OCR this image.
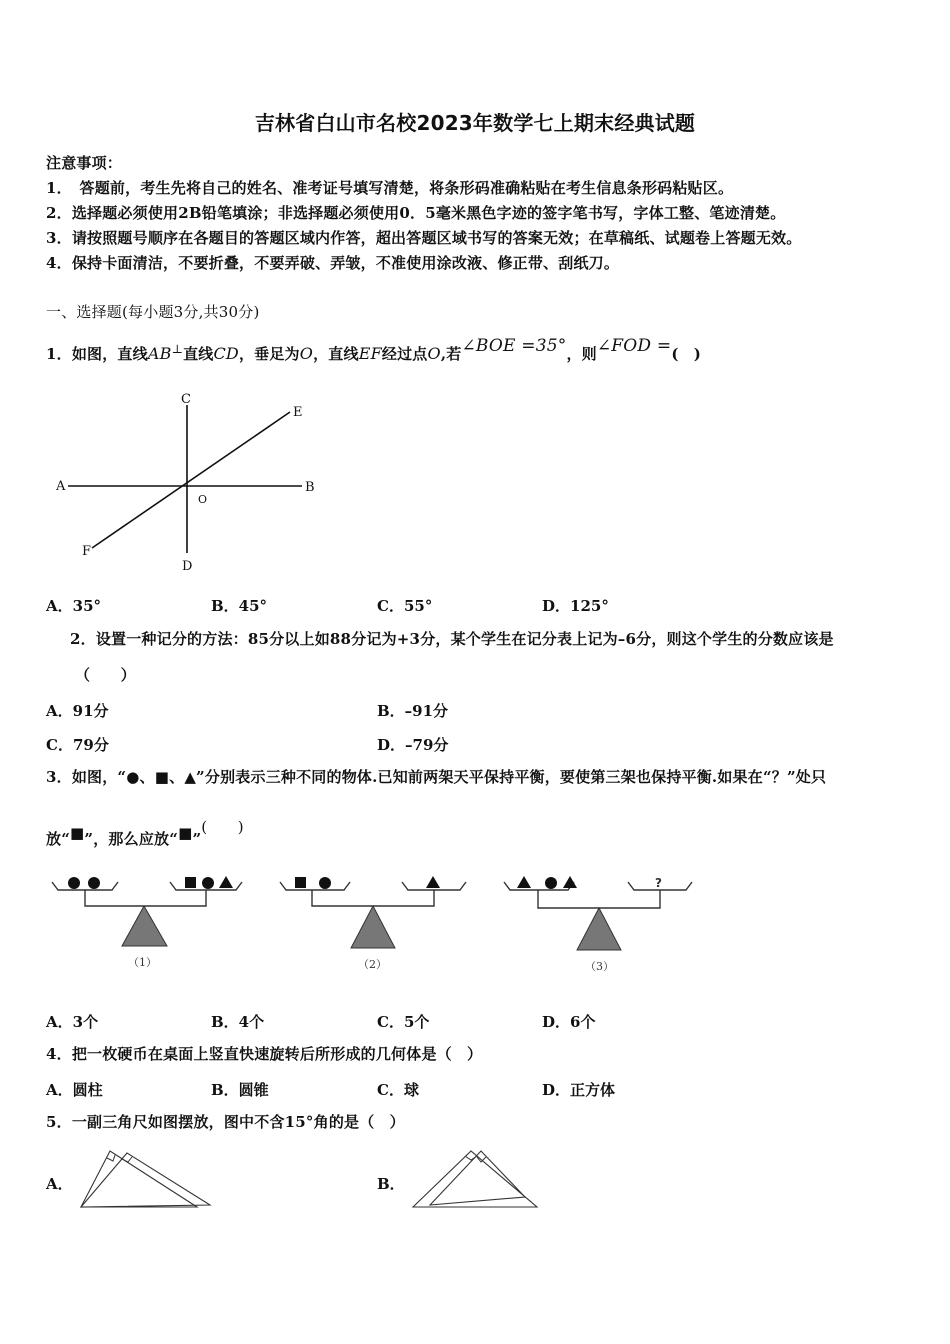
吉林省白山市名校2023年数学七上期末经典试题
注意事项：
1．　答题前，考生先将自己的姓名、准考证号填写清楚，将条形码准确粘贴在考生信息条形码粘贴区。
2．选择题必须使用2B铅笔填涂；非选择题必须使用0．5毫米黑色字迹的签字笔书写，字体工整、笔迹清楚。
3．请按照题号顺序在各题目的答题区域内作答，超出答题区域书写的答案无效；在草稿纸、试题卷上答题无效。
4．保持卡面清洁，不要折叠，不要弄破、弄皱，不准使用涂改液、修正带、刮纸刀。
一、选择题(每小题3分,共30分)
1．如图，直线AB⊥直线CD，垂足为O，直线EF经过点O,若∠BOE =35°，则∠FOD =(　)
C
E
A	B
O
F
D
A．35°	B．45°	C．55°	D．125°
2．设置一种记分的方法：85分以上如88分记为+3分，某个学生在记分表上记为–6分，则这个学生的分数应该是
（　　）
A．91分	B．–91分
C．79分	D．–79分
3．如图，“●、■、▲”分别表示三种不同的物体.已知前两架天平保持平衡，要使第三架也保持平衡.如果在“？”处只
放“■”，那么应放“■”(　　)
（1）	（2）
?
（3）
A．3个	B．4个	C．5个	D．6个
4．把一枚硬币在桌面上竖直快速旋转后所形成的几何体是（　）
A．圆柱	B．圆锥	C．球	D．正方体
5．一副三角尺如图摆放，图中不含15°角的是（　）
A．	B．
